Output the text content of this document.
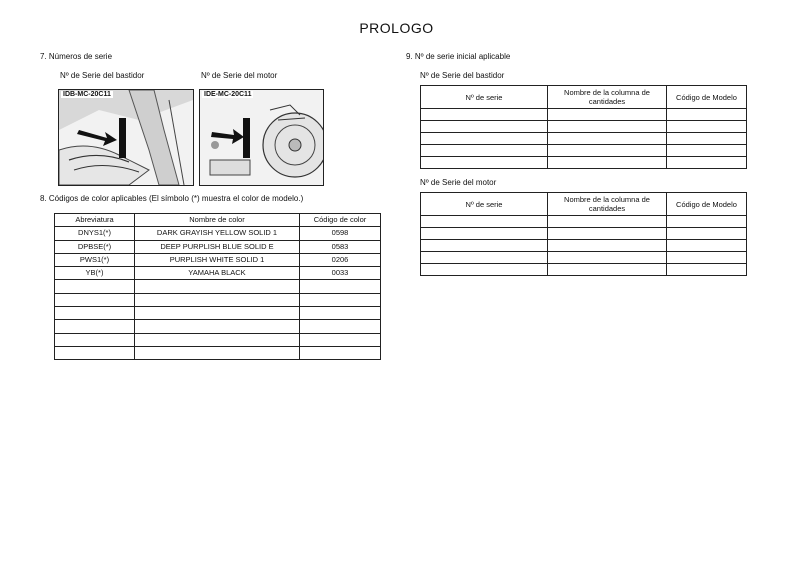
PROLOGO
7. Números de serie
Nº de Serie del bastidor	Nº de Serie del motor
IDB-MC-20C11	IDE-MC-20C11
8. Códigos de color aplicables (El símbolo (*) muestra el color de modelo.)
Abreviatura	Nombre de color	Código de color
DNYS1(*)	DARK GRAYISH YELLOW SOLID 1	0598
DPBSE(*)	DEEP PURPLISH BLUE SOLID E	0583
PWS1(*)	PURPLISH WHITE SOLID 1	0206
YB(*)	YAMAHA BLACK	0033

9. Nº de serie inicial aplicable
Nº de Serie del bastidor
Nº de serie	Nombre de la columna de cantidades	Código de Modelo

Nº de Serie del motor
Nº de serie	Nombre de la columna de cantidades	Código de Modelo
